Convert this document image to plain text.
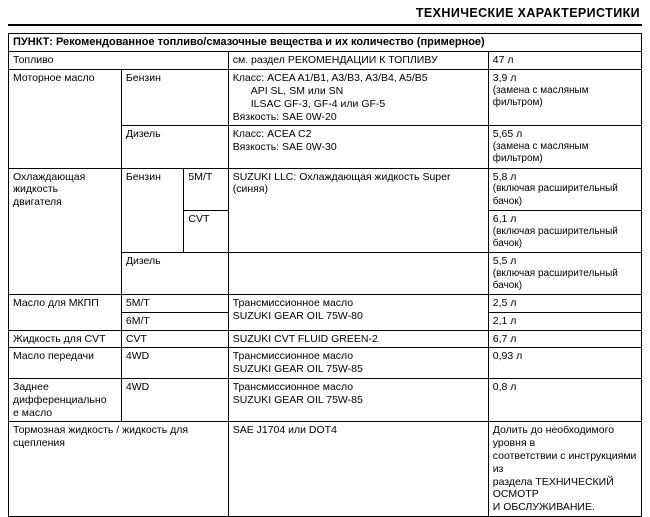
ТЕХНИЧЕСКИЕ ХАРАКТЕРИСТИКИ
ПУНКТ: Рекомендованное топливо/смазочные вещества и их количество (примерное)				
Топливо			см. раздел РЕКОМЕНДАЦИИ К ТОПЛИВУ	47 л
Моторное масло	Бензин		Класс: ACEA A1/B1, A3/B3, A3/B4, A5/B5
API SL, SM или SN
ILSAC GF-3, GF-4 или GF-5
Вязкость: SAE 0W-20	3,9 л
(замена с масляным фильтром)

	Дизель		Класс: ACEA C2
Вязкость: SAE 0W-30	5,65 л
(замена с масляным фильтром)

Охлаждающая
жидкость
двигателя	Бензин	5M/T	SUZUKI LLC: Охлаждающая жидкость Super
(синяя)	5,8 л
(включая расширительный бачок)

		CVT		6,1 л
(включая расширительный бачок)

	Дизель			5,5 л
(включая расширительный бачок)

Масло для МКПП	5M/T		Трансмиссионное масло
SUZUKI GEAR OIL 75W-80	2,5 л
	6M/T			2,1 л
Жидкость для CVT	CVT		SUZUKI CVT FLUID GREEN-2	6,7 л
Масло передачи	4WD		Трансмиссионное масло
SUZUKI GEAR OIL 75W-85	0,93 л

Заднее
дифференциально
е масло	4WD		Трансмиссионное масло
SUZUKI GEAR OIL 75W-85	0,8 л

Тормозная жидкость / жидкость для
сцепления			SAE J1704 или DOT4	Долить до необходимого уровня в
соответствии с инструкциями из
раздела ТЕХНИЧЕСКИЙ ОСМОТР
И ОБСЛУЖИВАНИЕ.
